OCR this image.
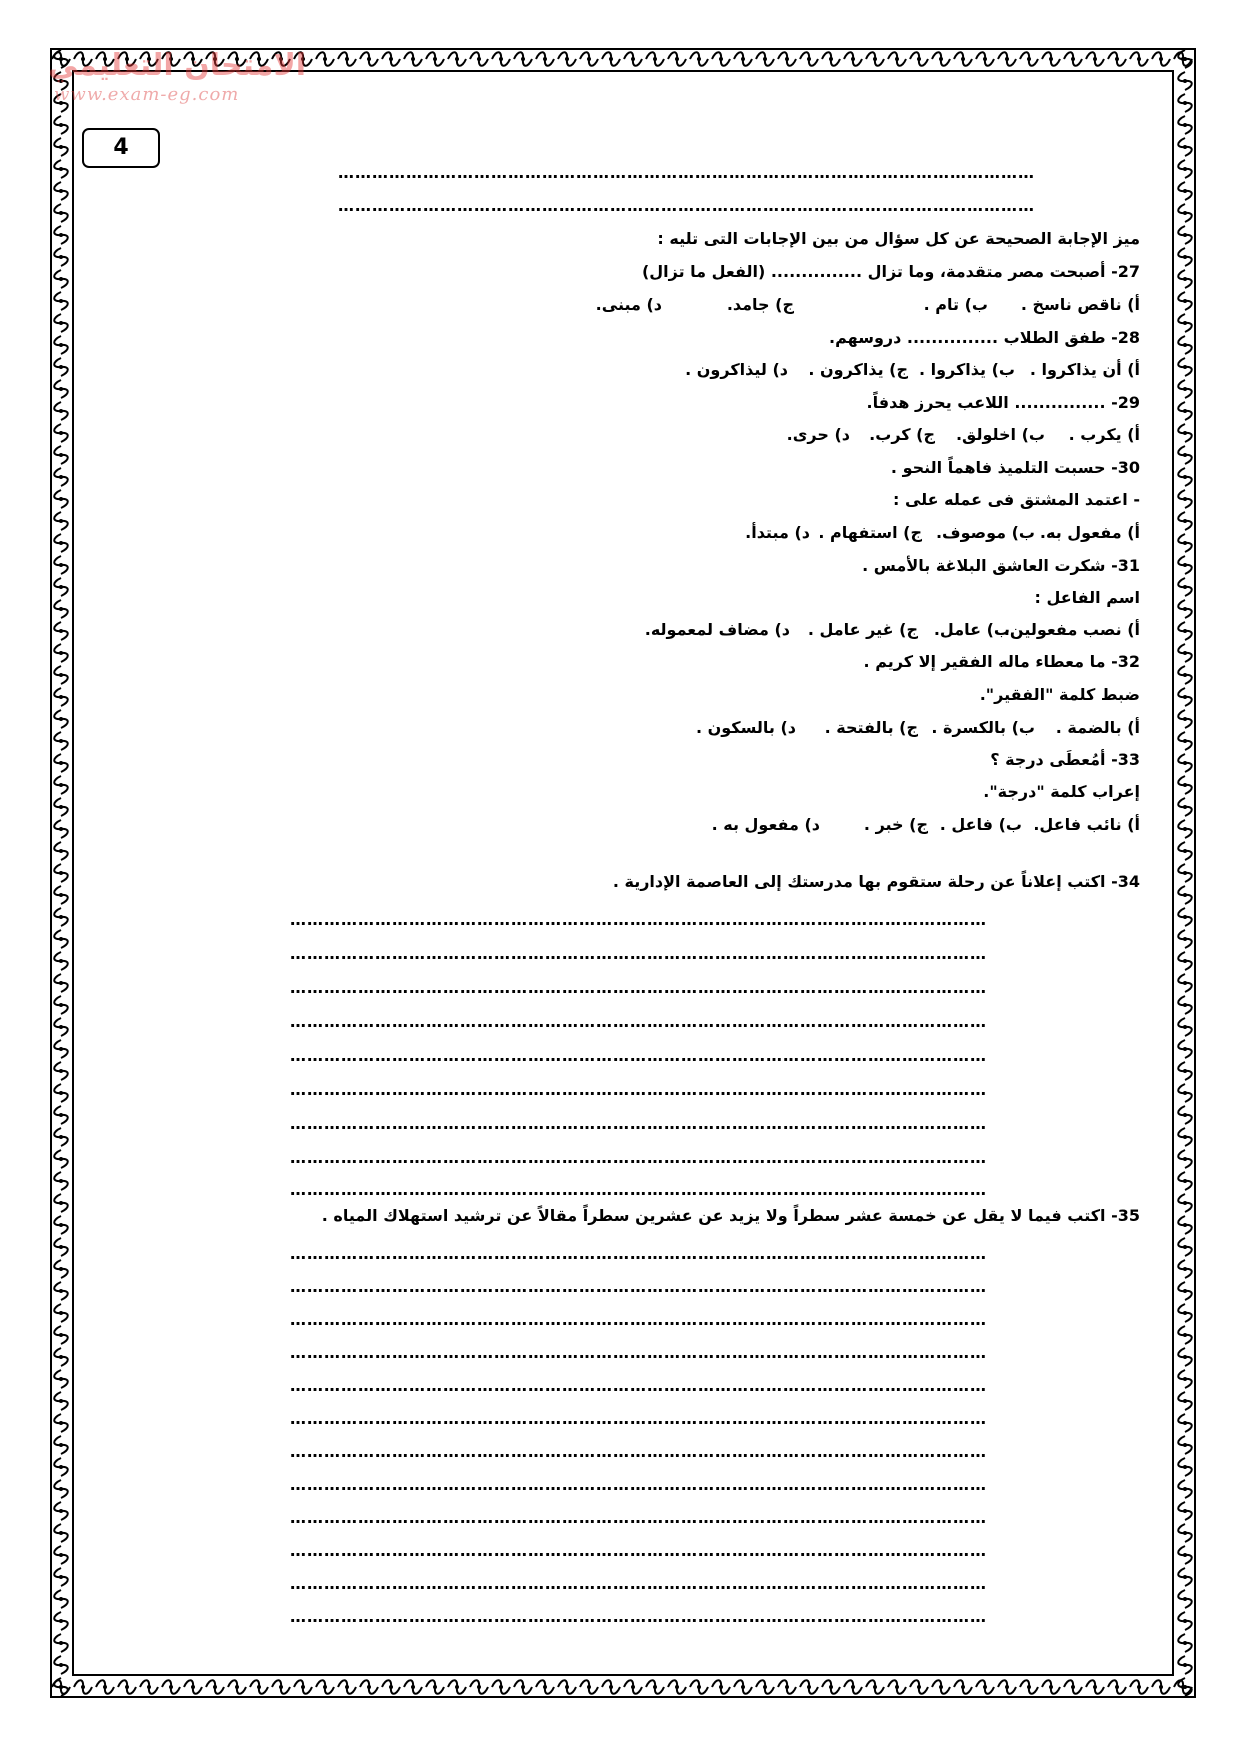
الامتحان التعليمي
www.exam-eg.com
4
……………………………………………………………………………………………………………
……………………………………………………………………………………………………………
ميز الإجابة الصحيحة عن كل سؤال من بين الإجابات التى تليه :
27- أصبحت مصر متقدمة، وما تزال ............... (الفعل ما تزال)
أ) ناقص ناسخ .
ب) تام .
ج) جامد.
د) مبنى.
28- طفق الطلاب ............... دروسهم.
أ) أن يذاكروا .
ب) يذاكروا .
ج) يذاكرون .
د) ليذاكرون .
29- ............... اللاعب يحرز هدفاً.
أ) يكرب .
ب) اخلولق.
ج) كرب.
د) حرى.
30- حسبت التلميذ فاهماً النحو .
- اعتمد المشتق فى عمله على :
أ) مفعول به.
ب) موصوف.
ج) استفهام .
د) مبتدأ.
31- شكرت العاشق البلاغة بالأمس .
اسم الفاعل :
أ) نصب مفعولين.
ب) عامل.
ج) غير عامل .
د) مضاف لمعموله.
32- ما معطاء ماله الفقير إلا كريم .
ضبط كلمة "الفقير".
أ) بالضمة .
ب) بالكسرة .
ج) بالفتحة .
د) بالسكون .
33- أمُعطَى درجة ؟
إعراب كلمة "درجة".
أ) نائب فاعل.
ب) فاعل .
ج) خبر .
د) مفعول به .
34- اكتب إعلاناً عن رحلة ستقوم بها مدرستك إلى العاصمة الإدارية .
35- اكتب فيما لا يقل عن خمسة عشر سطراً ولا يزيد عن عشرين سطراً مقالاً عن ترشيد استهلاك المياه .
……………………………………………………………………………………………………………
……………………………………………………………………………………………………………
……………………………………………………………………………………………………………
……………………………………………………………………………………………………………
……………………………………………………………………………………………………………
……………………………………………………………………………………………………………
……………………………………………………………………………………………………………
……………………………………………………………………………………………………………
……………………………………………………………………………………………………………
……………………………………………………………………………………………………………
……………………………………………………………………………………………………………
……………………………………………………………………………………………………………
……………………………………………………………………………………………………………
……………………………………………………………………………………………………………
……………………………………………………………………………………………………………
……………………………………………………………………………………………………………
……………………………………………………………………………………………………………
……………………………………………………………………………………………………………
……………………………………………………………………………………………………………
……………………………………………………………………………………………………………
……………………………………………………………………………………………………………
